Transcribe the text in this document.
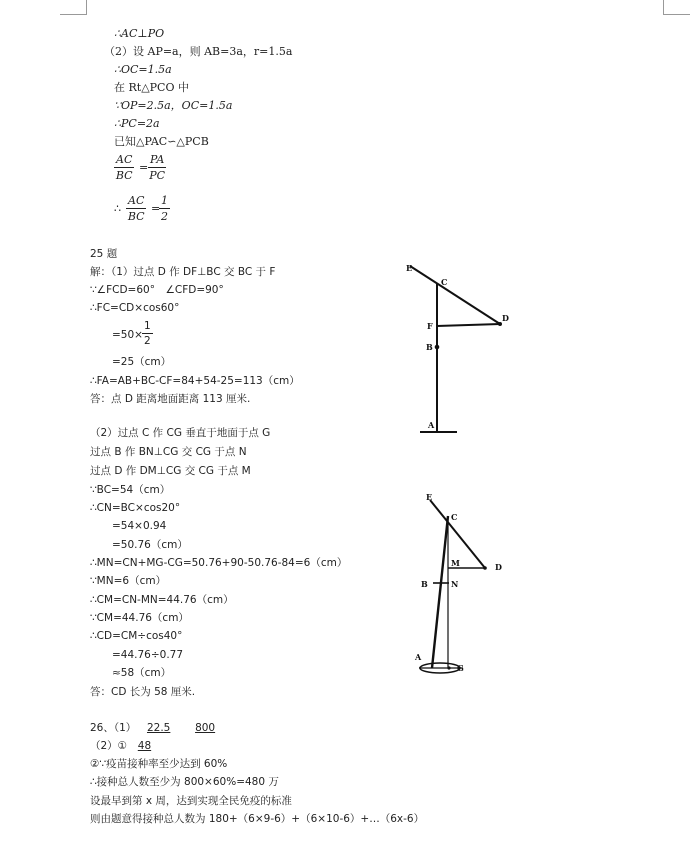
∴AC⊥PO
（2）设 AP=a，则 AB=3a，r=1.5a
∴OC=1.5a
在 Rt△PCO 中
∵OP=2.5a，OC=1.5a
∴PC=2a
已知△PAC∽△PCB
$\frac{AC}{BC} = \frac{PA}{PC}$
∴ $\frac{AC}{BC}$ =
$\frac{1}{2}$
25 题
解：（1）过点 D 作 DF⊥BC 交 BC 于 F
∵∠FCD=60°　∠CFD=90°
∴FC=CD×cos60°
$=50\times \frac{1}{2}$
=25（cm）
∴FA=AB+BC-CF=84+54-25=113（cm）
答：点 D 距离地面距离 113 厘米.
（2）过点 C 作 CG 垂直于地面于点 G
过点 B 作 BN⊥CG 交 CG 于点 N
过点 D 作 DM⊥CG 交 CG 于点 M
∵BC=54（cm）
∴CN=BC×cos20°
=54×0.94
=50.76（cm）
∴MN=CN+MG-CG=50.76+90-50.76-84=6（cm）
∵MN=6（cm）
∴CM=CN-MN=44.76（cm）
∵CM=44.76（cm）
∴CD=CM÷cos40°
=44.76÷0.77
≈58（cm）
答：CD 长为 58 厘米.
E
C
F
D
B
A
E
C
M	D
B	N
A
G
26、（1） 22.5 800
（2）① 48
②∵疫苗接种率至少达到 60%
∴接种总人数至少为 800×60%=480 万
设最早到第 x 周，达到实现全民免疫的标准
则由题意得接种总人数为 180+（6×9-6）+（6×10-6）+…（6x-6）
